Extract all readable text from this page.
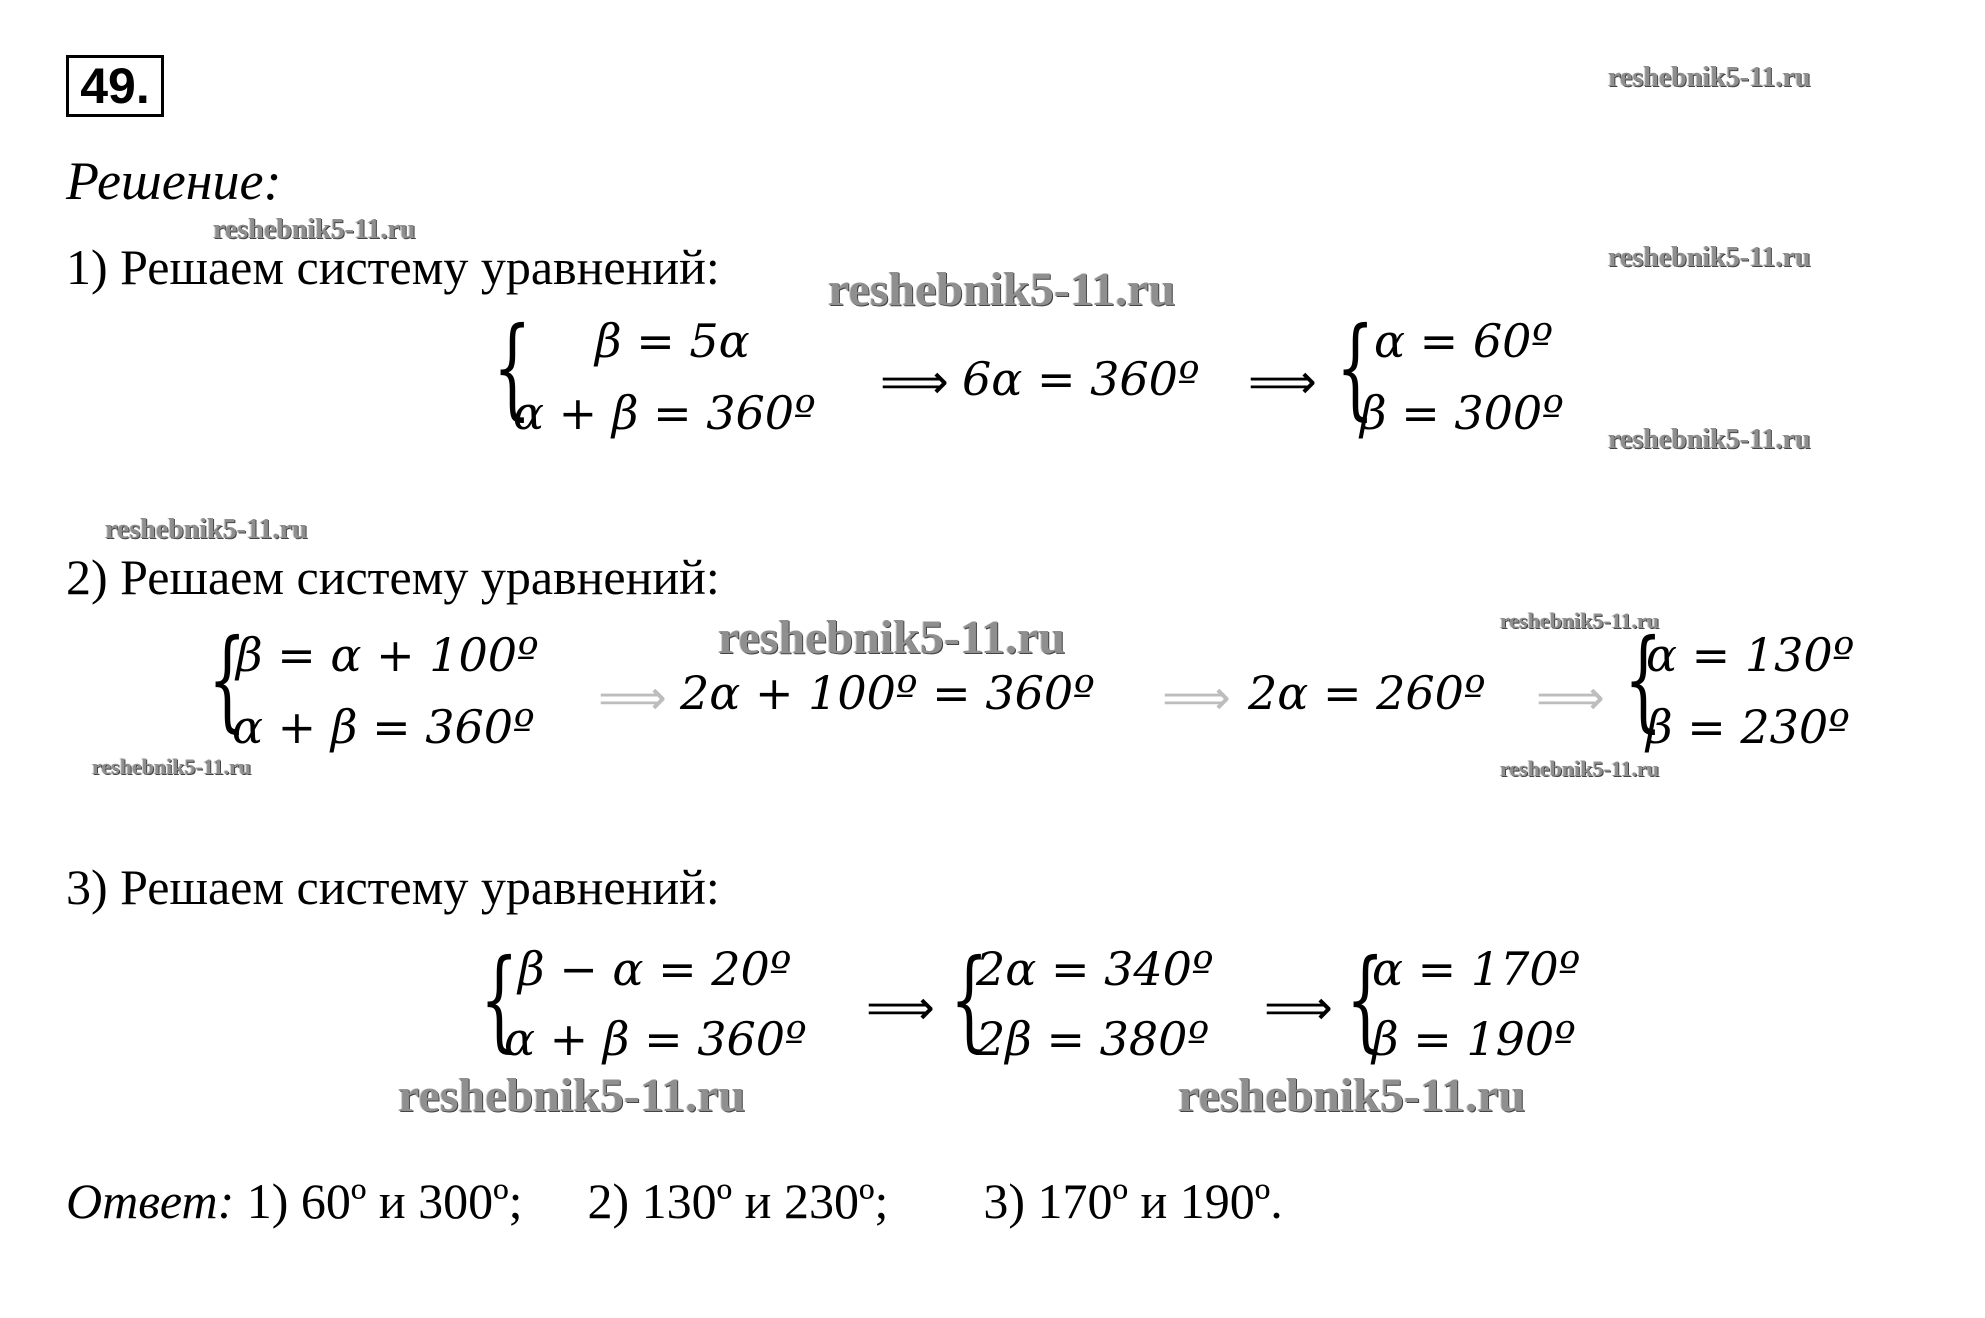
49.	reshebnik5-11.ru
Решение:
reshebnik5-11.ru
1) Решаем систему уравнений: reshebnik5-11.ru
reshebnik5-11.ru
{ β = 5α
α + β = 360º
⟹ 6α = 360º ⟹ { α = 60º
β = 300º reshebnik5-11.ru
reshebnik5-11.ru
2) Решаем систему уравнений:
reshebnik5-11.ru	reshebnik5-11.ru
{
β = α + 100º
α + β = 360º
⟹ 2α + 100º = 360º ⟹ 2α = 260º ⟹ {
α = 130º
β = 230º
reshebnik5-11.ru	reshebnik5-11.ru
3) Решаем систему уравнений:
{ β − α = 20º
α + β = 360º
⟹ {
2α = 340º
2β = 380º
⟹ {
α = 170º
β = 190º
reshebnik5-11.ru	reshebnik5-11.ru
Ответ: 1) 60º и 300º; 2) 130º и 230º; 3) 170º и 190º.
